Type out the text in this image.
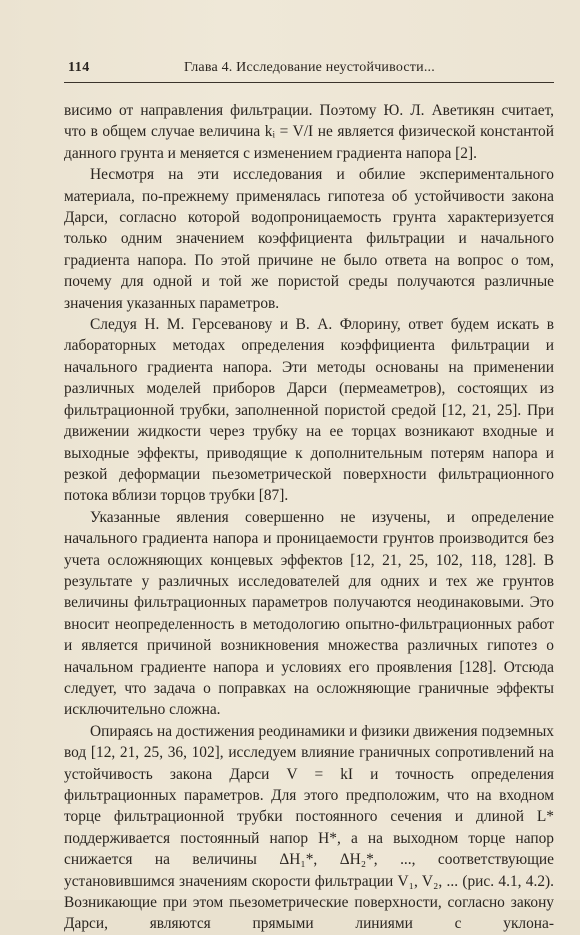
114	Глава 4. Исследование неустойчивости...

висимо от направления фильтрации. Поэтому Ю. Л. Аветикян считает, что в общем случае величина kᵢ = V/I не является физической константой данного грунта и меняется с изменением градиента напора [2].

Несмотря на эти исследования и обилие экспериментального материала, по-прежнему применялась гипотеза об устойчивости закона Дарси, согласно которой водопроницаемость грунта характеризуется только одним значением коэффициента фильтрации и начального градиента напора. По этой причине не было ответа на вопрос о том, почему для одной и той же пористой среды получаются различные значения указанных параметров.

Следуя Н. М. Герсеванову и В. А. Флорину, ответ будем искать в лабораторных методах определения коэффициента фильтрации и начального градиента напора. Эти методы основаны на применении различных моделей приборов Дарси (пермеаметров), состоящих из фильтрационной трубки, заполненной пористой средой [12, 21, 25]. При движении жидкости через трубку на ее торцах возникают входные и выходные эффекты, приводящие к дополнительным потерям напора и резкой деформации пьезометрической поверхности фильтрационного потока вблизи торцов трубки [87].

Указанные явления совершенно не изучены, и определение начального градиента напора и проницаемости грунтов производится без учета осложняющих концевых эффектов [12, 21, 25, 102, 118, 128]. В результате у различных исследователей для одних и тех же грунтов величины фильтрационных параметров получаются неодинаковыми. Это вносит неопределенность в методологию опытно-фильтрационных работ и является причиной возникновения множества различных гипотез о начальном градиенте напора и условиях его проявления [128]. Отсюда следует, что задача о поправках на осложняющие граничные эффекты исключительно сложна.

Опираясь на достижения реодинамики и физики движения подземных вод [12, 21, 25, 36, 102], исследуем влияние граничных сопротивлений на устойчивость закона Дарси V = kI и точность определения фильтрационных параметров. Для этого предположим, что на входном торце фильтрационной трубки постоянного сечения и длиной L* поддерживается постоянный напор H*, а на выходном торце напор снижается на величины ΔH₁*, ΔH₂*, ..., соответствующие установившимся значениям скорости фильтрации V₁, V₂, ... (рис. 4.1, 4.2). Возникающие при этом пьезометрические поверхности, согласно закону Дарси, являются прямыми линиями с уклона-
